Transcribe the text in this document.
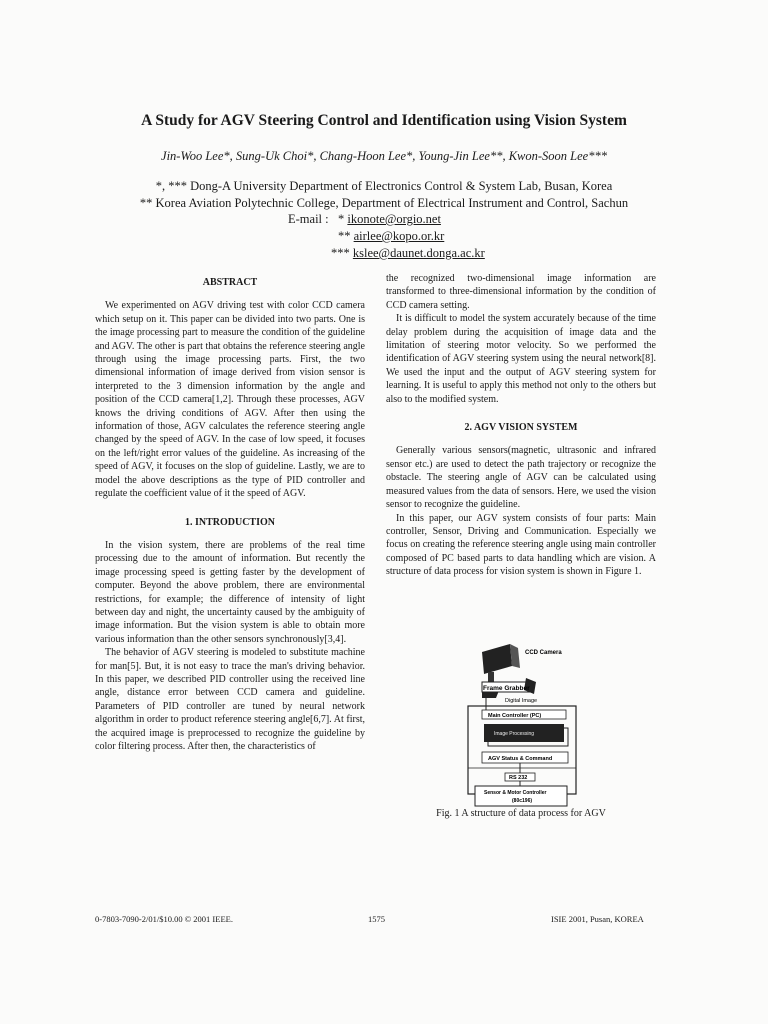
A Study for AGV Steering Control and Identification using Vision System
Jin-Woo Lee*, Sung-Uk Choi*, Chang-Hoon Lee*, Young-Jin Lee**, Kwon-Soon Lee***
*, *** Dong-A University Department of Electronics Control & System Lab, Busan, Korea
** Korea Aviation Polytechnic College, Department of Electrical Instrument and Control, Sachun
E-mail : * ikonote@orgio.net
** airlee@kopo.or.kr
*** kslee@daunet.donga.ac.kr
ABSTRACT

We experimented on AGV driving test with color CCD camera which setup on it. This paper can be divided into two parts. One is the image processing part to measure the condition of the guideline and AGV. The other is part that obtains the reference steering angle through using the image processing parts. First, the two dimensional information of image derived from vision sensor is interpreted to the 3 dimension information by the angle and position of the CCD camera[1,2]. Through these processes, AGV knows the driving conditions of AGV. After then using the information of those, AGV calculates the reference steering angle changed by the speed of AGV. In the case of low speed, it focuses on the left/right error values of the guideline. As increasing of the speed of AGV, it focuses on the slop of guideline. Lastly, we are to model the above descriptions as the type of PID controller and regulate the coefficient value of it the speed of AGV.

1. INTRODUCTION

In the vision system, there are problems of the real time processing due to the amount of information. But recently the image processing speed is getting faster by the development of computer. Beyond the above problem, there are environmental restrictions, for example; the difference of intensity of light between day and night, the uncertainty caused by the ambiguity of image information. But the vision system is able to obtain more various information than the other sensors synchronously[3,4].

The behavior of AGV steering is modeled to substitute machine for man[5]. But, it is not easy to trace the man's driving behavior. In this paper, we described PID controller using the received line angle, distance error between CCD camera and guideline. Parameters of PID controller are tuned by neural network algorithm in order to product reference steering angle[6,7]. At first, the acquired image is preprocessed to recognize the guideline by color filtering process. After then, the characteristics of

the recognized two-dimensional image information are transformed to three-dimensional information by the condition of CCD camera setting.

It is difficult to model the system accurately because of the time delay problem during the acquisition of image data and the limitation of steering motor velocity. So we performed the identification of AGV steering system using the neural network[8]. We used the input and the output of AGV steering system for learning. It is useful to apply this method not only to the others but also to the modified system.

2. AGV VISION SYSTEM

Generally various sensors(magnetic, ultrasonic and infrared sensor etc.) are used to detect the path trajectory or recognize the obstacle. The steering angle of AGV can be calculated using measured values from the data of sensors. Here, we used the vision sensor to recognize the guideline.

In this paper, our AGV system consists of four parts: Main controller, Sensor, Driving and Communication. Especially we focus on creating the reference steering angle using main controller composed of PC based parts to data handling which are vision. A structure of data process for vision system is shown in Figure 1.

CCD Camera
Frame Grabber
Digital Image
Main Controller (PC)
Image Processing
AGV Status & Command
RS 232
Sensor & Motor Controller
(80c196)
Fig. 1 A structure of data process for AGV
0-7803-7090-2/01/$10.00 © 2001 IEEE.	1575	ISIE 2001, Pusan, KOREA
